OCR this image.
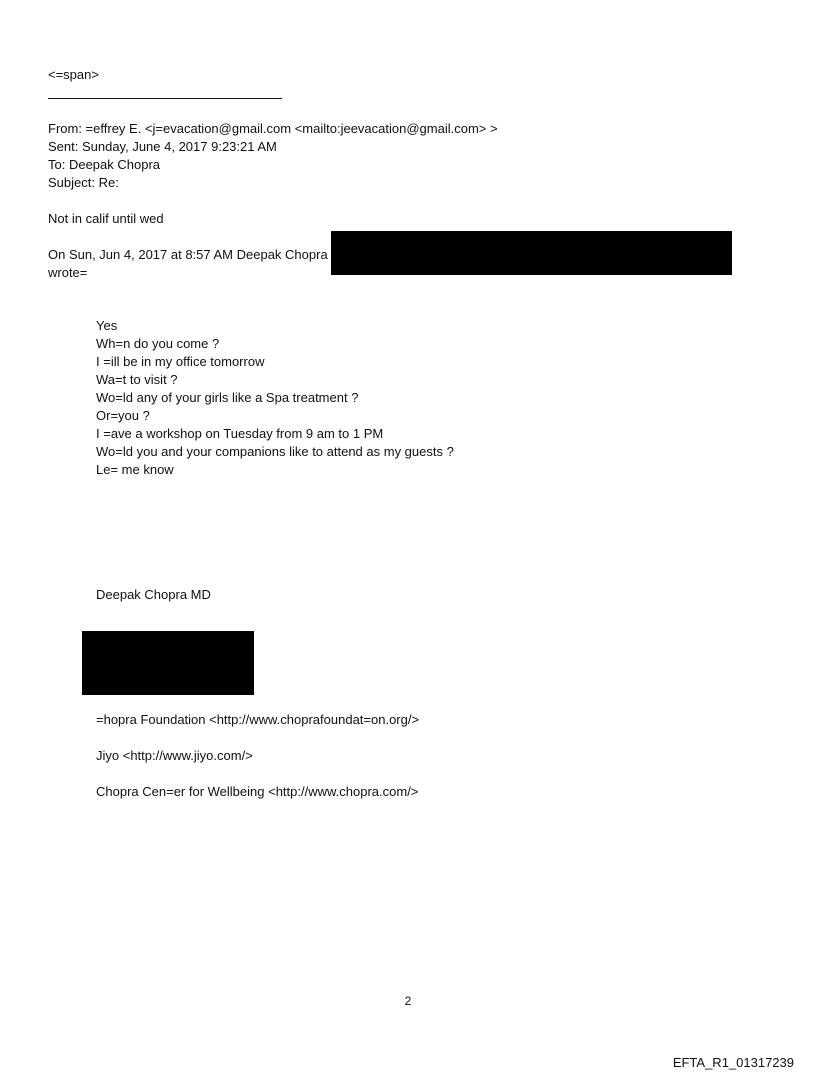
<=span>
From: =effrey E. <j=evacation@gmail.com <mailto:jeevacation@gmail.com> >
Sent: Sunday, June 4, 2017 9:23:21 AM
To: Deepak Chopra
Subject: Re:
Not in calif until wed
On Sun, Jun 4, 2017 at 8:57 AM Deepak Chopra
wrote=
Yes
Wh=n do you come ?
I =ill be in my office tomorrow
Wa=t to visit ?
Wo=ld any of your girls like a Spa treatment ?
Or=you ?
I =ave a workshop on Tuesday from 9 am to 1 PM
Wo=ld you and your companions like to attend as my guests ?
Le= me know
Deepak Chopra MD
=hopra Foundation <http://www.choprafoundat=on.org/>
Jiyo <http://www.jiyo.com/>
Chopra Cen=er for Wellbeing <http://www.chopra.com/>
2
EFTA_R1_01317239
